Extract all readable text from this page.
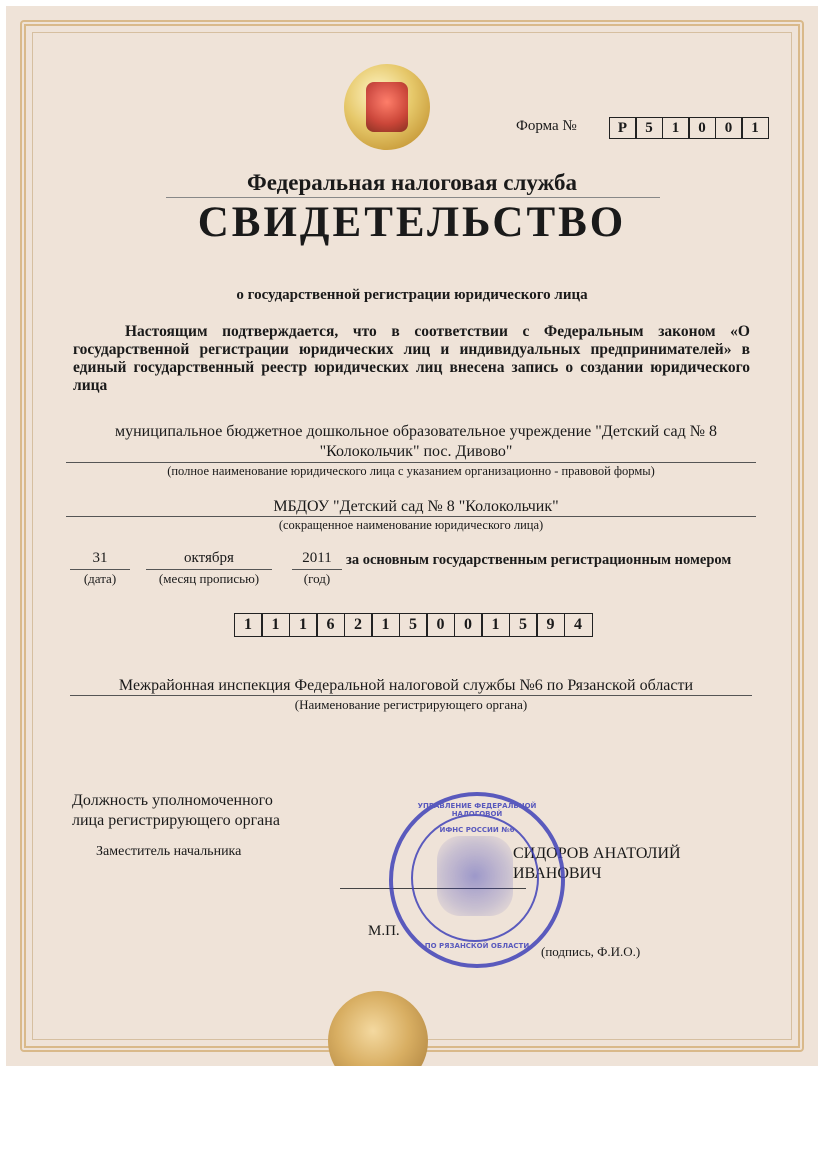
Форма №	Р	5	1	0	0	1
Федеральная налоговая служба
СВИДЕТЕЛЬСТВО
о государственной регистрации юридического лица
Настоящим подтверждается, что в соответствии с Федеральным законом «О государственной регистрации юридических лиц и индивидуальных предпринимателей» в единый государственный реестр юридических лиц внесена запись о создании юридического лица
муниципальное бюджетное дошкольное образовательное учреждение "Детский сад № 8 "Колокольчик" пос. Дивово"
(полное наименование юридического лица с указанием организационно - правовой формы)
МБДОУ "Детский сад № 8 "Колокольчик"
(сокращенное наименование юридического лица)
31
(дата)
октября
(месяц прописью)
2011
(год)
за основным государственным регистрационным номером
1	1	1	6	2	1	5	0	0	1	5	9	4
Межрайонная инспекция Федеральной налоговой службы №6 по Рязанской области
(Наименование регистрирующего органа)
Должность уполномоченного
лица регистрирующего органа
Заместитель начальника	СИДОРОВ АНАТОЛИЙ
ИВАНОВИЧ
М.П.
(подпись, Ф.И.О.)
УПРАВЛЕНИЕ ФЕДЕРАЛЬНОЙ НАЛОГОВОЙ
ИФНС РОССИИ №6
ПО РЯЗАНСКОЙ ОБЛАСТИ
